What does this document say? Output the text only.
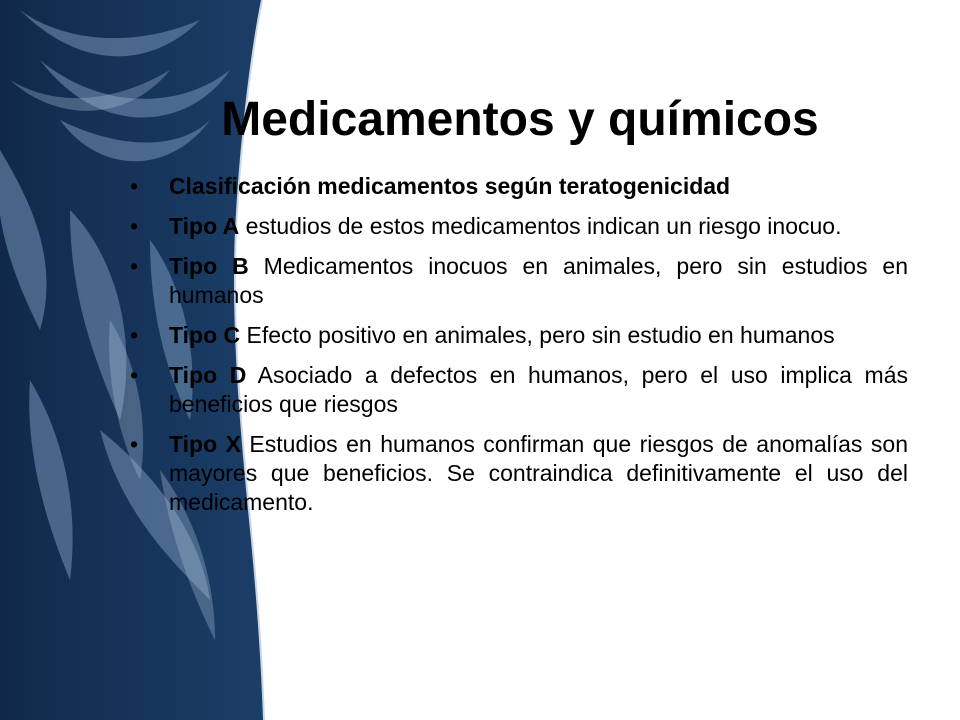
Medicamentos y químicos
• Clasificación medicamentos según teratogenicidad
• Tipo A estudios de estos medicamentos indican un riesgo inocuo.
• Tipo B Medicamentos inocuos en animales, pero sin estudios en humanos
• Tipo C Efecto positivo en animales, pero sin estudio en humanos
• Tipo D Asociado a defectos en humanos, pero el uso implica más beneficios que riesgos
• Tipo X Estudios en humanos confirman que riesgos de anomalías son mayores que beneficios. Se contraindica definitivamente el uso del medicamento.
